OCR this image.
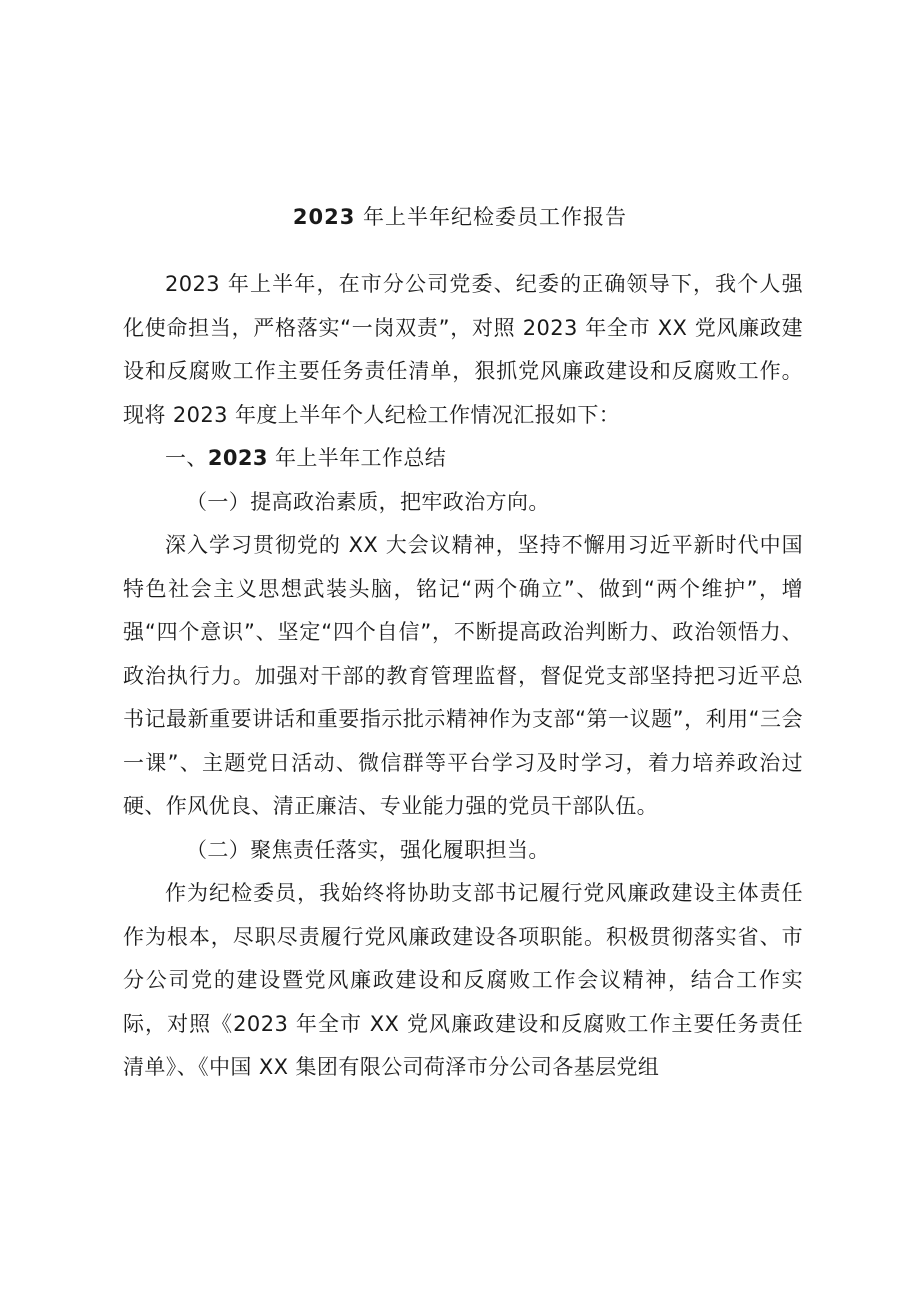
2023 年上半年纪检委员工作报告

2023 年上半年，在市分公司党委、纪委的正确领导下，我个人强化使命担当，严格落实“一岗双责”，对照 2023 年全市 XX 党风廉政建设和反腐败工作主要任务责任清单，狠抓党风廉政建设和反腐败工作。现将 2023 年度上半年个人纪检工作情况汇报如下：

一、2023 年上半年工作总结

（一）提高政治素质，把牢政治方向。

深入学习贯彻党的 XX 大会议精神，坚持不懈用习近平新时代中国特色社会主义思想武装头脑，铭记“两个确立”、做到“两个维护”，增强“四个意识”、坚定“四个自信”，不断提高政治判断力、政治领悟力、政治执行力。加强对干部的教育管理监督，督促党支部坚持把习近平总书记最新重要讲话和重要指示批示精神作为支部“第一议题”，利用“三会一课”、主题党日活动、微信群等平台学习及时学习，着力培养政治过硬、作风优良、清正廉洁、专业能力强的党员干部队伍。

（二）聚焦责任落实，强化履职担当。

作为纪检委员，我始终将协助支部书记履行党风廉政建设主体责任作为根本，尽职尽责履行党风廉政建设各项职能。积极贯彻落实省、市分公司党的建设暨党风廉政建设和反腐败工作会议精神，结合工作实际，对照《2023 年全市 XX 党风廉政建设和反腐败工作主要任务责任清单》、《中国 XX 集团有限公司荷泽市分公司各基层党组
